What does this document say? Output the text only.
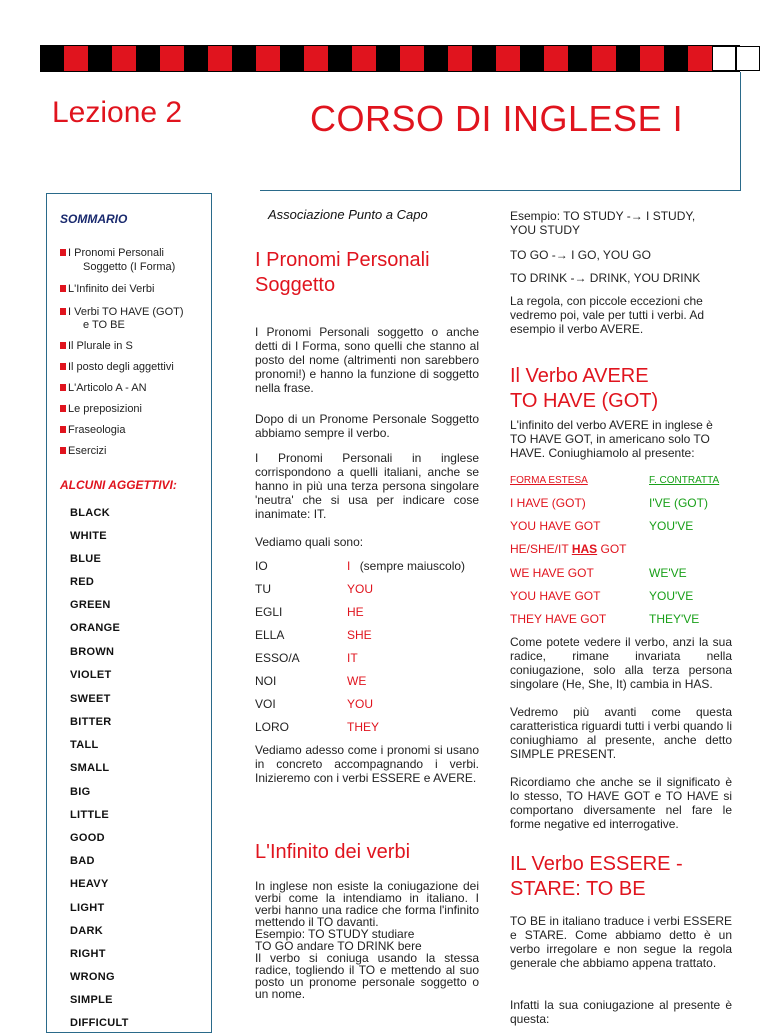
Lezione 2	CORSO DI INGLESE I
SOMMARIO
I Pronomi Personali
Soggetto (I Forma)
L'Infinito dei Verbi
I Verbi TO HAVE (GOT)
e TO BE
Il Plurale in S
Il posto degli aggettivi
L'Articolo A - AN
Le preposizioni
Fraseologia
Esercizi
ALCUNI AGGETTIVI:
BLACK
WHITE
BLUE
RED
GREEN
ORANGE
BROWN
VIOLET
SWEET
BITTER
TALL
SMALL
BIG
LITTLE
GOOD
BAD
HEAVY
LIGHT
DARK
RIGHT
WRONG
SIMPLE
DIFFICULT
Associazione Punto a Capo
I Pronomi Personali
Soggetto
I Pronomi Personali soggetto o anche detti di I Forma, sono quelli che stanno al posto del nome (altrimenti non sarebbero pronomi!) e hanno la funzione di soggetto nella frase.
Dopo di un Pronome Personale Soggetto abbiamo sempre il verbo.
I Pronomi Personali in inglese corrispondono a quelli italiani, anche se hanno in più una terza persona singolare 'neutra' che si usa per indicare cose inanimate: IT.
Vediamo quali sono:
IO	I (sempre maiuscolo)
TU	YOU
EGLI	HE
ELLA	SHE
ESSO/A	IT
NOI	WE
VOI	YOU
LORO	THEY
Vediamo adesso come i pronomi si usano in concreto accompagnando i verbi. Inizieremo con i verbi ESSERE e AVERE.
L'Infinito dei verbi
In inglese non esiste la coniugazione dei verbi come la intendiamo in italiano. I verbi hanno una radice che forma l'infinito mettendo il TO davanti.
Esempio: TO STUDY studiare
TO GO andare TO DRINK bere
Il verbo si coniuga usando la stessa radice, togliendo il TO e mettendo al suo posto un pronome personale soggetto o un nome.
Esempio: TO STUDY -→ I STUDY,
YOU STUDY
TO GO -→ I GO, YOU GO
TO DRINK -→ DRINK, YOU DRINK
La regola, con piccole eccezioni che vedremo poi, vale per tutti i verbi. Ad esempio il verbo AVERE.
Il Verbo AVERE
TO HAVE (GOT)
L'infinito del verbo AVERE in inglese è TO HAVE GOT, in americano solo TO HAVE. Coniughiamolo al presente:
FORMA ESTESA	F. CONTRATTA
I HAVE (GOT)	I'VE (GOT)
YOU HAVE GOT	YOU'VE
HE/SHE/IT HAS GOT
WE HAVE GOT	WE'VE
YOU HAVE GOT	YOU'VE
THEY HAVE GOT	THEY'VE
Come potete vedere il verbo, anzi la sua radice, rimane invariata nella coniugazione, solo alla terza persona singolare (He, She, It) cambia in HAS.
Vedremo più avanti come questa caratteristica riguardi tutti i verbi quando li coniughiamo al presente, anche detto SIMPLE PRESENT.
Ricordiamo che anche se il significato è lo stesso, TO HAVE GOT e TO HAVE si comportano diversamente nel fare le forme negative ed interrogative.
IL Verbo ESSERE -
STARE: TO BE
TO BE in italiano traduce i verbi ESSERE e STARE. Come abbiamo detto è un verbo irregolare e non segue la regola generale che abbiamo appena trattato.
Infatti la sua coniugazione al presente è questa:
